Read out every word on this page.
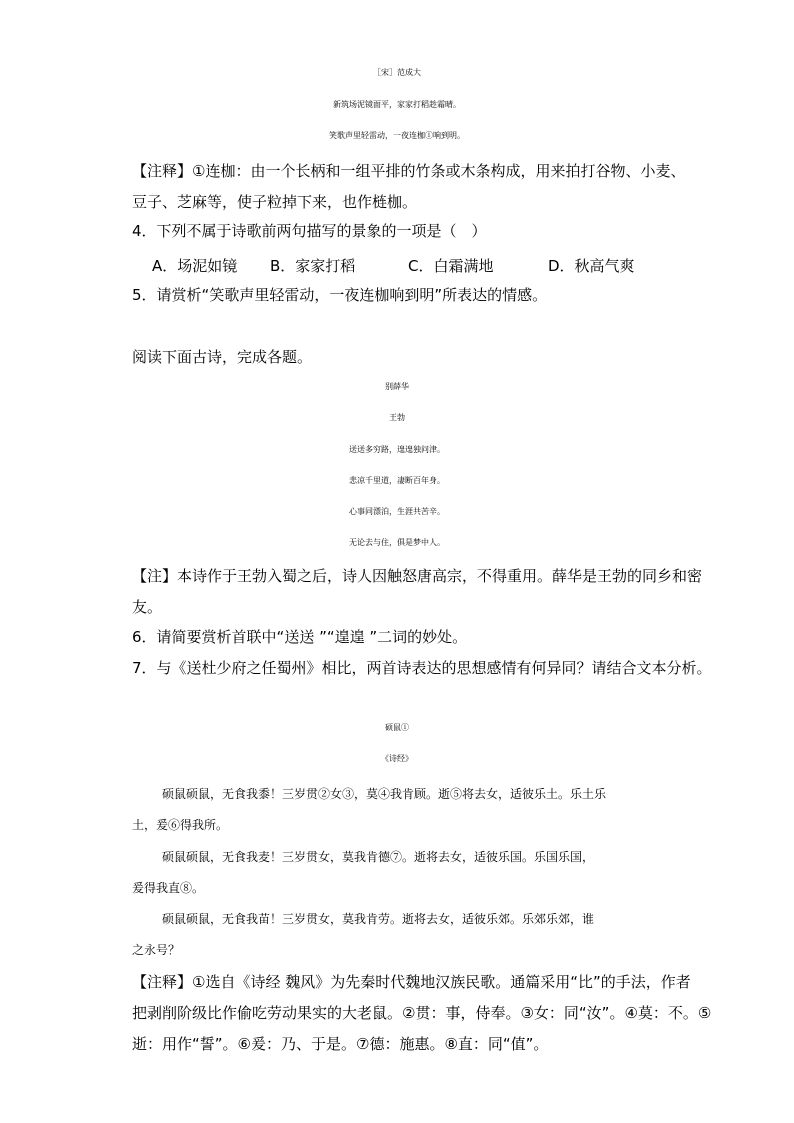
［宋］范成大
新筑场泥镜面平，家家打稻趁霜晴。
笑歌声里轻雷动，一夜连枷①响到明。
【注释】①连枷：由一个长柄和一组平排的竹条或木条构成，用来拍打谷物、小麦、
豆子、芝麻等，使子粒掉下来，也作梿枷。
4．下列不属于诗歌前两句描写的景象的一项是（　）
A．场泥如镜 B．家家打稻	C．白霜满地	D．秋高气爽
5．请赏析“笑歌声里轻雷动，一夜连枷响到明”所表达的情感。
阅读下面古诗，完成各题。
别薛华
王勃
送送多穷路，遑遑独问津。
悲凉千里道，凄断百年身。
心事同漂泊，生涯共苦辛。
无论去与住，俱是梦中人。
【注】本诗作于王勃入蜀之后，诗人因触怒唐高宗，不得重用。薛华是王勃的同乡和密
友。
6．请简要赏析首联中“送送 ”“遑遑 ”二词的妙处。
7．与《送杜少府之任蜀州》相比，两首诗表达的思想感情有何异同？请结合文本分析。
硕鼠①
《诗经》
硕鼠硕鼠，无食我黍！三岁贯②女③，莫④我肯顾。逝⑤将去女，适彼乐土。乐土乐
土，爰⑥得我所。
硕鼠硕鼠，无食我麦！三岁贯女，莫我肯德⑦。逝将去女，适彼乐国。乐国乐国，
爰得我直⑧。
硕鼠硕鼠，无食我苗！三岁贯女，莫我肯劳。逝将去女，适彼乐郊。乐郊乐郊，谁
之永号？
【注释】①选自《诗经 魏风》为先秦时代魏地汉族民歌。通篇采用“比”的手法，作者
把剥削阶级比作偷吃劳动果实的大老鼠。②贯：事，侍奉。③女：同“汝”。④莫：不。⑤
逝：用作“誓”。⑥爰：乃、于是。⑦德：施惠。⑧直：同“值”。
